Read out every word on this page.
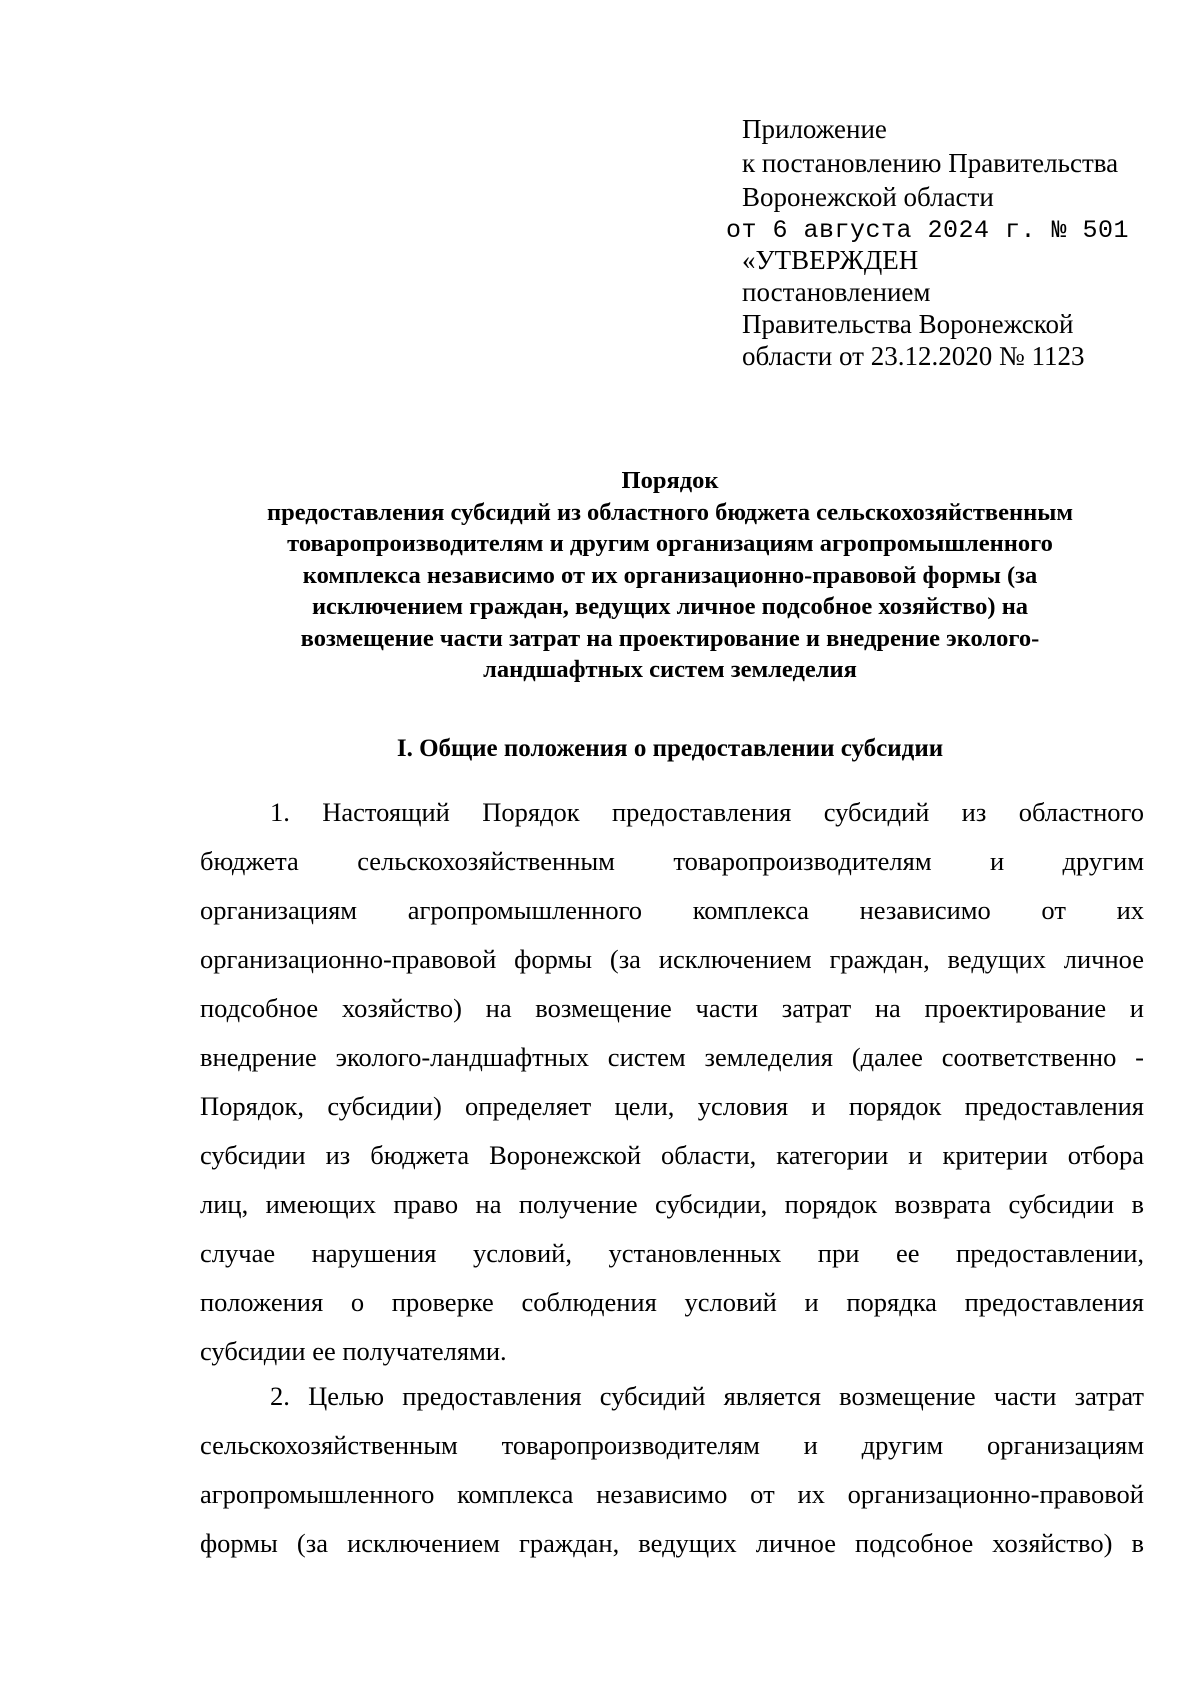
Приложение
к постановлению Правительства
Воронежской области
от 6 августа 2024 г. № 501
«УТВЕРЖДЕН
постановлением
Правительства Воронежской
области от 23.12.2020 № 1123
Порядок
предоставления субсидий из областного бюджета сельскохозяйственным
товаропроизводителям и другим организациям агропромышленного
комплекса независимо от их организационно-правовой формы (за
исключением граждан, ведущих личное подсобное хозяйство) на
возмещение части затрат на проектирование и внедрение эколого-
ландшафтных систем земледелия
I. Общие положения о предоставлении субсидии
1. Настоящий Порядок предоставления субсидий из областного
бюджета сельскохозяйственным товаропроизводителям и другим
организациям агропромышленного комплекса независимо от их
организационно-правовой формы (за исключением граждан, ведущих личное
подсобное хозяйство) на возмещение части затрат на проектирование и
внедрение эколого-ландшафтных систем земледелия (далее соответственно -
Порядок, субсидии) определяет цели, условия и порядок предоставления
субсидии из бюджета Воронежской области, категории и критерии отбора
лиц, имеющих право на получение субсидии, порядок возврата субсидии в
случае нарушения условий, установленных при ее предоставлении,
положения о проверке соблюдения условий и порядка предоставления
субсидии ее получателями.
2. Целью предоставления субсидий является возмещение части затрат
сельскохозяйственным товаропроизводителям и другим организациям
агропромышленного комплекса независимо от их организационно-правовой
формы (за исключением граждан, ведущих личное подсобное хозяйство) в
